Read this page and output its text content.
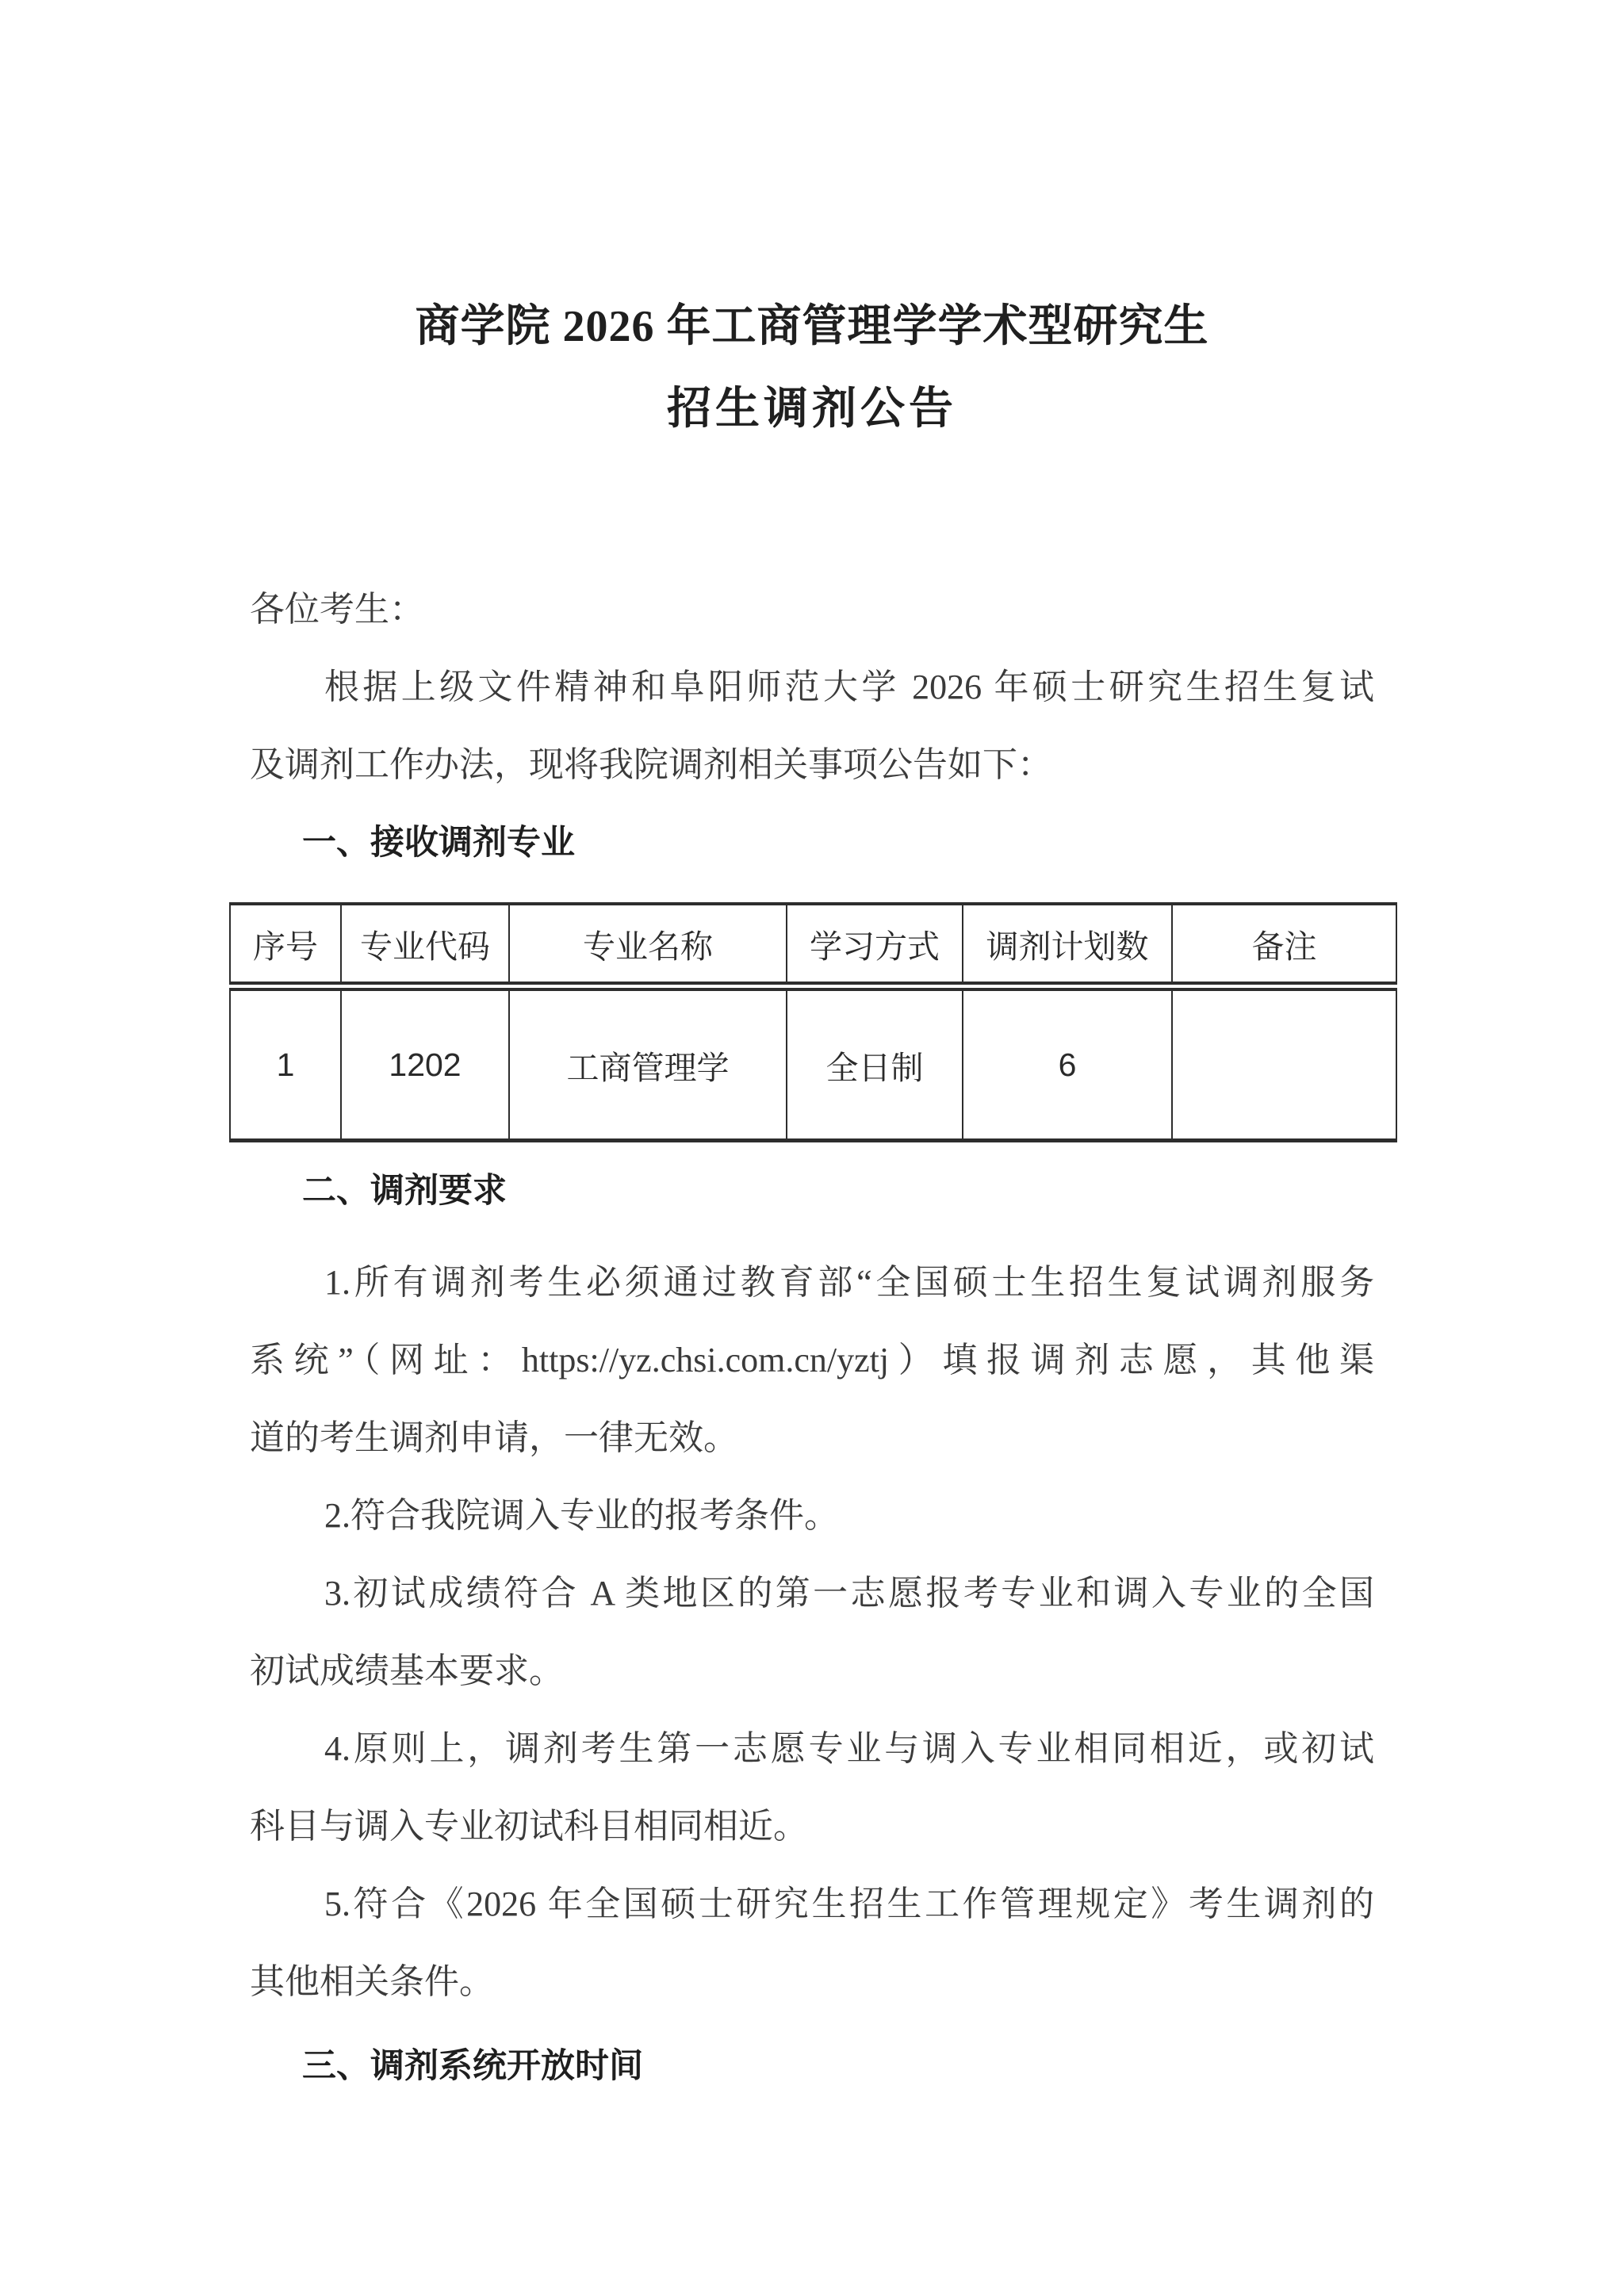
商学院 2026 年工商管理学学术型研究生
招生调剂公告
各位考生：
根据上级文件精神和阜阳师范大学 2026 年硕士研究生招生复试
及调剂工作办法，现将我院调剂相关事项公告如下：
一、接收调剂专业
序号	专业代码	专业名称	学习方式	调剂计划数	备注
1	1202	工商管理学	全日制	6	
二、调剂要求
1.所有调剂考生必须通过教育部“全国硕士生招生复试调剂服务
系统”（网址：https://yz.chsi.com.cn/yztj）填报调剂志愿，其他渠
道的考生调剂申请，一律无效。
2.符合我院调入专业的报考条件。
3.初试成绩符合 A 类地区的第一志愿报考专业和调入专业的全国
初试成绩基本要求。
4.原则上，调剂考生第一志愿专业与调入专业相同相近，或初试
科目与调入专业初试科目相同相近。
5.符合《2026 年全国硕士研究生招生工作管理规定》考生调剂的
其他相关条件。
三、调剂系统开放时间
